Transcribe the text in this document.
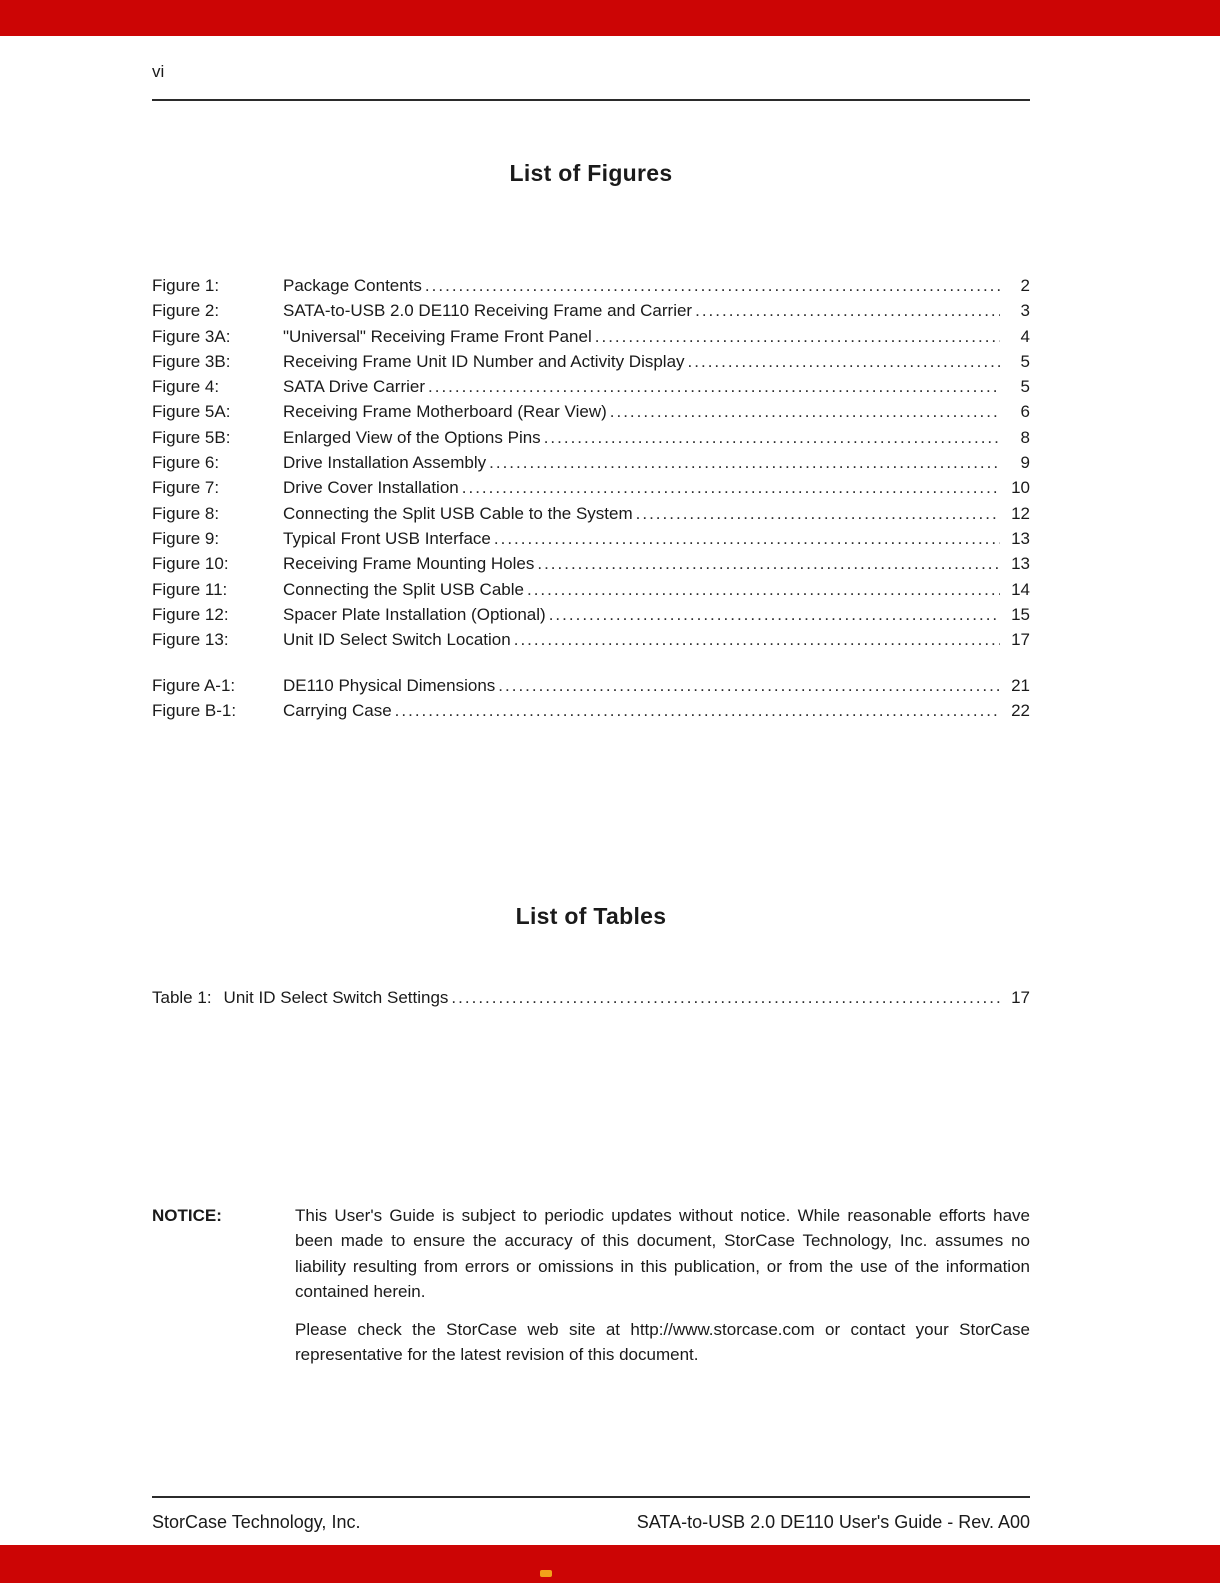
vi
List of Figures
Figure 1:	Package Contents .....	2
Figure 2:	SATA-to-USB 2.0 DE110 Receiving Frame and Carrier .....	3
Figure 3A:	"Universal" Receiving Frame Front Panel .....	4
Figure 3B:	Receiving Frame Unit ID Number and Activity Display .....	5
Figure 4:	SATA Drive Carrier .....	5
Figure 5A:	Receiving Frame Motherboard (Rear View) .....	6
Figure 5B:	Enlarged View of the Options Pins .....	8
Figure 6:	Drive Installation Assembly .....	9
Figure 7:	Drive Cover Installation .....	10
Figure 8:	Connecting the Split USB Cable to the System .....	12
Figure 9:	Typical Front USB Interface .....	13
Figure 10:	Receiving Frame Mounting Holes .....	13
Figure 11:	Connecting the Split USB Cable .....	14
Figure 12:	Spacer Plate Installation (Optional) .....	15
Figure 13:	Unit ID Select Switch Location .....	17
Figure A-1:	DE110 Physical Dimensions .....	21
Figure B-1:	Carrying Case .....	22
List of Tables
Table 1: Unit ID Select Switch Settings .....	17
NOTICE:	This User's Guide is subject to periodic updates without notice. While reasonable efforts have been made to ensure the accuracy of this document, StorCase Technology, Inc. assumes no liability resulting from errors or omissions in this publication, or from the use of the information contained herein.

Please check the StorCase web site at http://www.storcase.com or contact your StorCase representative for the latest revision of this document.

StorCase Technology, Inc.	SATA-to-USB 2.0 DE110 User's Guide - Rev. A00
